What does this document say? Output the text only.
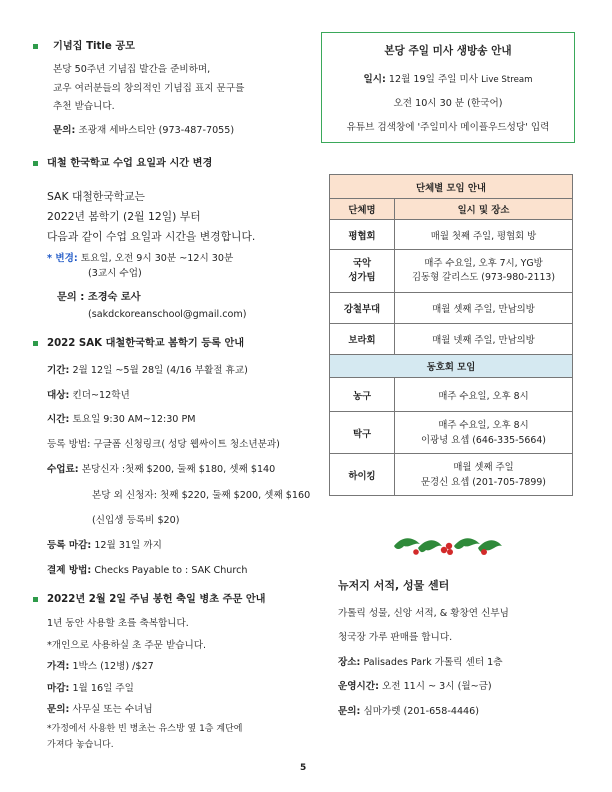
기념집 Title 공모
본당 50주년 기념집 발간을 준비하며,
교우 여러분들의 창의적인 기념집 표지 문구를
추천 받습니다.
문의: 조광재 세바스티안 (973-487-7055)
대철 한국학교 수업 요일과 시간 변경
SAK 대철한국학교는
2022년 봄학기 (2월 12일) 부터
다음과 같이 수업 요일과 시간을 변경합니다.
* 변경: 토요일, 오전 9시 30분 ~12시 30분
(3교시 수업)
문의 : 조경숙 로사
(sakdckoreanschool@gmail.com)
2022 SAK 대철한국학교 봄학기 등록 안내
기간: 2월 12일 ~5월 28일 (4/16 부활절 휴교)
대상: 킨더~12학년
시간: 토요일 9:30 AM~12:30 PM
등록 방법: 구글폼 신청링크( 성당 웹싸이트 청소년분과)
수업료: 본당신자 :첫째 $200, 둘째 $180, 셋째 $140
본당 외 신청자: 첫째 $220, 둘째 $200, 셋째 $160
(신입생 등록비 $20)
등록 마감: 12월 31일 까지
결제 방법: Checks Payable to : SAK Church
2022년 2월 2일 주님 봉헌 축일 병초 주문 안내
1년 동안 사용할 초를 축복합니다.
*개인으로 사용하실 초 주문 받습니다.
가격: 1박스 (12병) /$27
마감: 1월 16일 주일
문의: 사무실 또는 수녀님
*가정에서 사용한 빈 병초는 유스방 옆 1층 계단에
가져다 놓습니다.
본당 주일 미사 생방송 안내
일시: 12월 19일 주일 미사 Live Stream
오전 10시 30 분 (한국어)
유튜브 검색창에 '주일미사 메이플우드성당' 입력
단체별 모임 안내	
단체명	일시 및 장소
평협회	매월 첫째 주일, 평협회 방
국악 성가팀	매주 수요일, 오후 7시, YG방
김동형 갈리스도 (973-980-2113)

강철부대	매월 셋째 주일, 만남의방
보라회	매월 넷째 주일, 만남의방
동호회 모임	
농구	매주 수요일, 오후 8시
탁구	매주 수요일, 오후 8시
이광녕 요셉 (646-335-5664)

하이킹	매월 셋째 주일
문경신 요셉 (201-705-7899)
뉴저지 서적, 성물 센터
가톨릭 성물, 신앙 서적, & 황창연 신부님
청국장 가루 판매를 합니다.
장소: Palisades Park 가톨릭 센터 1층
운영시간: 오전 11시 ~ 3시 (월~금)
문의: 심마가렛 (201-658-4446)
5
